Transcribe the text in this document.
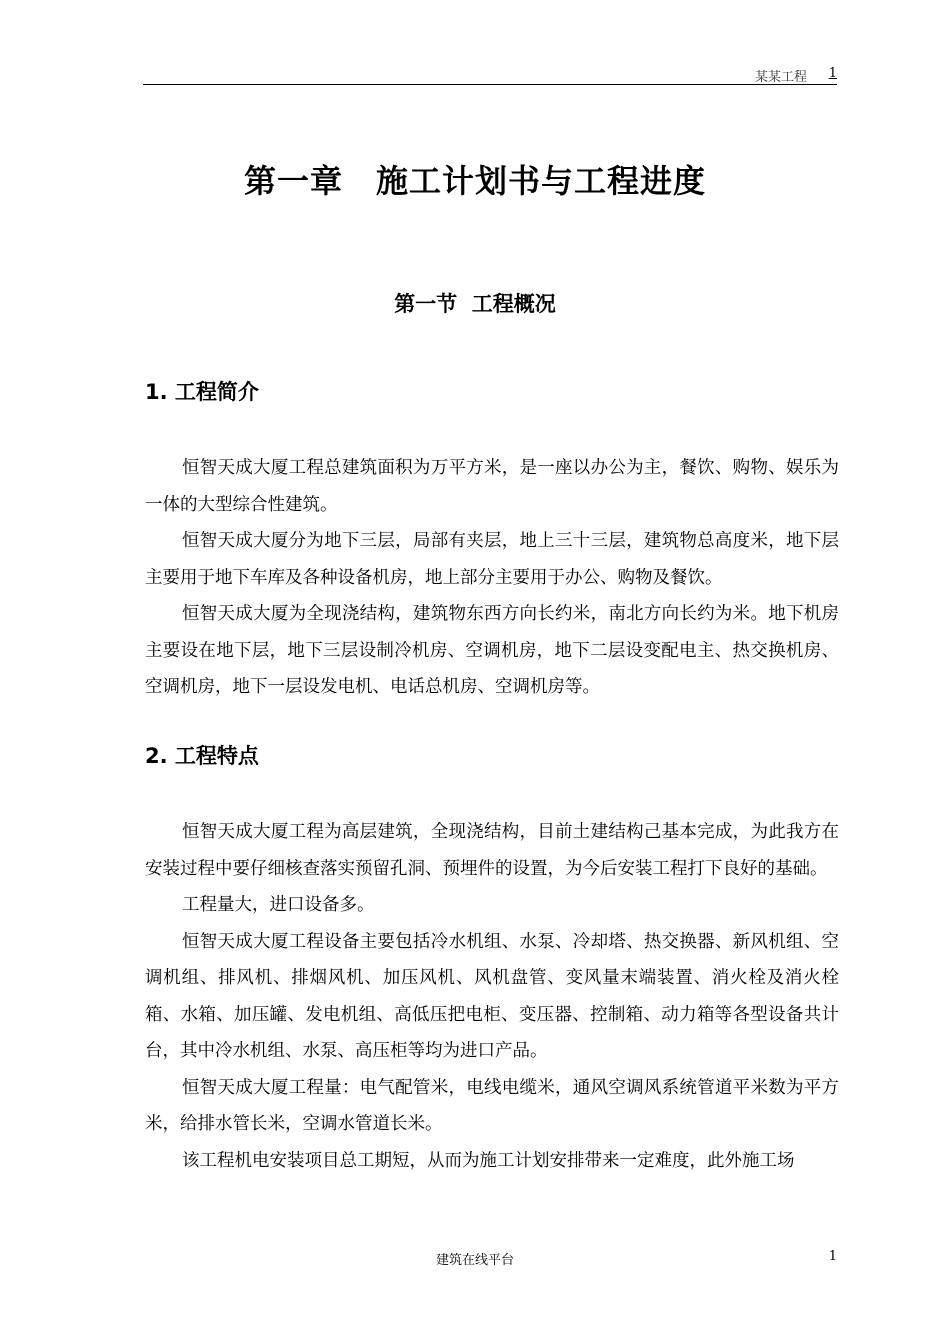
某某工程 1
第一章　施工计划书与工程进度
第一节  工程概况
1. 工程简介

恒智天成大厦工程总建筑面积为万平方米，是一座以办公为主，餐饮、购物、娱乐为一体的大型综合性建筑。

恒智天成大厦分为地下三层，局部有夹层，地上三十三层，建筑物总高度米，地下层主要用于地下车库及各种设备机房，地上部分主要用于办公、购物及餐饮。

恒智天成大厦为全现浇结构，建筑物东西方向长约米，南北方向长约为米。地下机房主要设在地下层，地下三层设制冷机房、空调机房，地下二层设变配电主、热交换机房、空调机房，地下一层设发电机、电话总机房、空调机房等。

2. 工程特点

恒智天成大厦工程为高层建筑，全现浇结构，目前土建结构己基本完成，为此我方在安装过程中要仔细核查落实预留孔洞、预埋件的设置，为今后安装工程打下良好的基础。

工程量大，进口设备多。

恒智天成大厦工程设备主要包括冷水机组、水泵、冷却塔、热交换器、新风机组、空调机组、排风机、排烟风机、加压风机、风机盘管、变风量末端装置、消火栓及消火栓箱、水箱、加压罐、发电机组、高低压把电柜、变压器、控制箱、动力箱等各型设备共计台，其中冷水机组、水泵、高压柜等均为进口产品。

恒智天成大厦工程量：电气配管米，电线电缆米，通风空调风系统管道平米数为平方米，给排水管长米，空调水管道长米。

该工程机电安装项目总工期短，从而为施工计划安排带来一定难度，此外施工场

建筑在线平台	1
